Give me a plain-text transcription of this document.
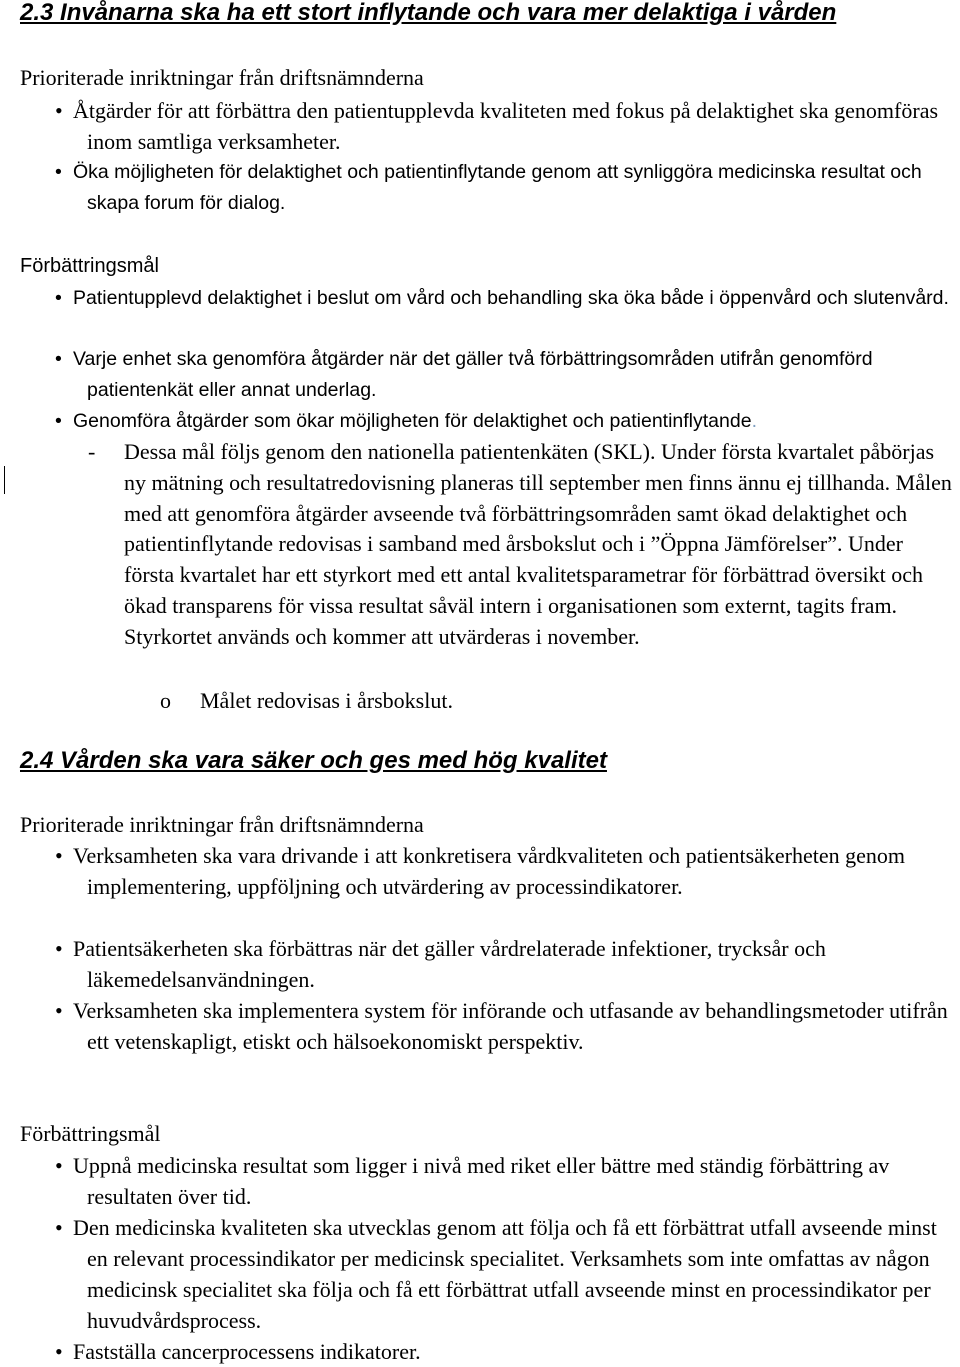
2.3 Invånarna ska ha ett stort inflytande och vara mer delaktiga i vården
Prioriterade inriktningar från driftsnämnderna
• Åtgärder för att förbättra den patientupplevda kvaliteten med fokus på delaktighet ska genomföras inom samtliga verksamheter.
• Öka möjligheten för delaktighet och patientinflytande genom att synliggöra medicinska resultat och skapa forum för dialog.
Förbättringsmål
• Patientupplevd delaktighet i beslut om vård och behandling ska öka både i öppenvård och slutenvård.
• Varje enhet ska genomföra åtgärder när det gäller två förbättringsområden utifrån genomförd patientenkät eller annat underlag.
• Genomföra åtgärder som ökar möjligheten för delaktighet och patientinflytande.
- Dessa mål följs genom den nationella patientenkäten (SKL). Under första kvartalet påbörjas ny mätning och resultatredovisning planeras till september men finns ännu ej tillhanda. Målen med att genomföra åtgärder avseende två förbättringsområden samt ökad delaktighet och patientinflytande redovisas i samband med årsbokslut och i ”Öppna Jämförelser”. Under första kvartalet har ett styrkort med ett antal kvalitetsparametrar för förbättrad översikt och ökad transparens för vissa resultat såväl intern i organisationen som externt, tagits fram. Styrkortet används och kommer att utvärderas i november.
o Målet redovisas i årsbokslut.
2.4 Vården ska vara säker och ges med hög kvalitet
Prioriterade inriktningar från driftsnämnderna
• Verksamheten ska vara drivande i att konkretisera vårdkvaliteten och patientsäkerheten genom implementering, uppföljning och utvärdering av processindikatorer.
• Patientsäkerheten ska förbättras när det gäller vårdrelaterade infektioner, trycksår och läkemedelsanvändningen.
• Verksamheten ska implementera system för införande och utfasande av behandlingsmetoder utifrån ett vetenskapligt, etiskt och hälsoekonomiskt perspektiv.
Förbättringsmål
• Uppnå medicinska resultat som ligger i nivå med riket eller bättre med ständig förbättring av resultaten över tid.
• Den medicinska kvaliteten ska utvecklas genom att följa och få ett förbättrat utfall avseende minst en relevant processindikator per medicinsk specialitet. Verksamhets som inte omfattas av någon medicinsk specialitet ska följa och få ett förbättrat utfall avseende minst en processindikator per huvudvårdsprocess.
• Fastställa cancerprocessens indikatorer.
